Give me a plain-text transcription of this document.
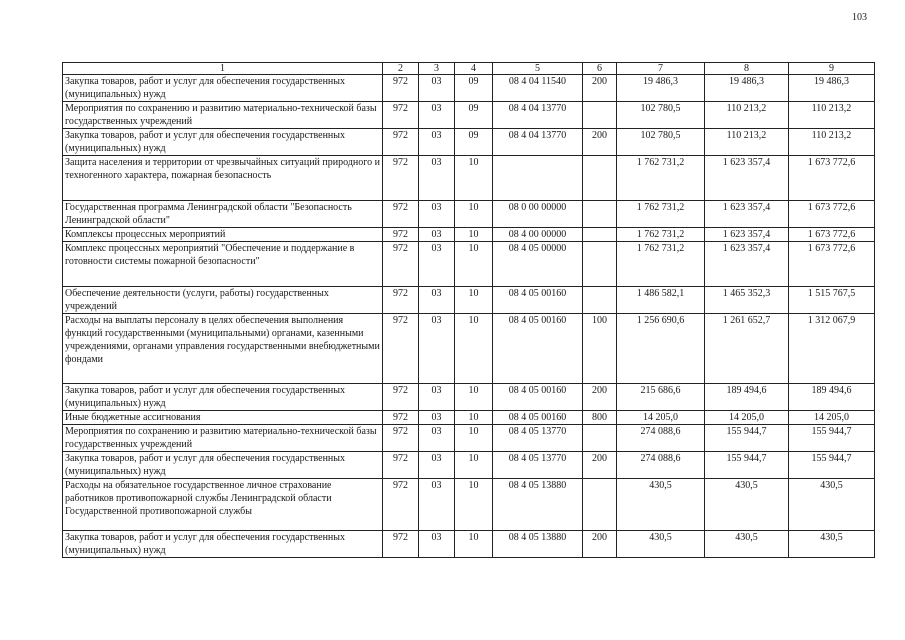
103
1	2	3	4	5	6	7	8	9
Закупка товаров, работ и услуг для обеспечения государственных (муниципальных) нужд	972	03	09	08 4 04 11540	200	19 486,3	19 486,3	19 486,3
Мероприятия по сохранению и развитию материально-технической базы государственных учреждений	972	03	09	08 4 04 13770		102 780,5	110 213,2	110 213,2
Закупка товаров, работ и услуг для обеспечения государственных (муниципальных) нужд	972	03	09	08 4 04 13770	200	102 780,5	110 213,2	110 213,2
Защита населения и территории от чрезвычайных ситуаций природного и техногенного характера, пожарная безопасность	972	03	10			1 762 731,2	1 623 357,4	1 673 772,6
Государственная программа Ленинградской области "Безопасность Ленинградской области"	972	03	10	08 0 00 00000		1 762 731,2	1 623 357,4	1 673 772,6
Комплексы процессных мероприятий	972	03	10	08 4 00 00000		1 762 731,2	1 623 357,4	1 673 772,6
Комплекс процессных мероприятий "Обеспечение и поддержание в готовности системы пожарной безопасности"	972	03	10	08 4 05 00000		1 762 731,2	1 623 357,4	1 673 772,6
Обеспечение деятельности (услуги, работы) государственных учреждений	972	03	10	08 4 05 00160		1 486 582,1	1 465 352,3	1 515 767,5
Расходы на выплаты персоналу в целях обеспечения выполнения функций государственными (муниципальными) органами, казенными учреждениями, органами управления государственными внебюджетными фондами	972	03	10	08 4 05 00160	100	1 256 690,6	1 261 652,7	1 312 067,9
Закупка товаров, работ и услуг для обеспечения государственных (муниципальных) нужд	972	03	10	08 4 05 00160	200	215 686,6	189 494,6	189 494,6
Иные бюджетные ассигнования	972	03	10	08 4 05 00160	800	14 205,0	14 205,0	14 205,0
Мероприятия по сохранению и развитию материально-технической базы государственных учреждений	972	03	10	08 4 05 13770		274 088,6	155 944,7	155 944,7
Закупка товаров, работ и услуг для обеспечения государственных (муниципальных) нужд	972	03	10	08 4 05 13770	200	274 088,6	155 944,7	155 944,7
Расходы на обязательное государственное личное страхование работников противопожарной службы Ленинградской области Государственной противопожарной службы	972	03	10	08 4 05 13880		430,5	430,5	430,5
Закупка товаров, работ и услуг для обеспечения государственных (муниципальных) нужд	972	03	10	08 4 05 13880	200	430,5	430,5	430,5
